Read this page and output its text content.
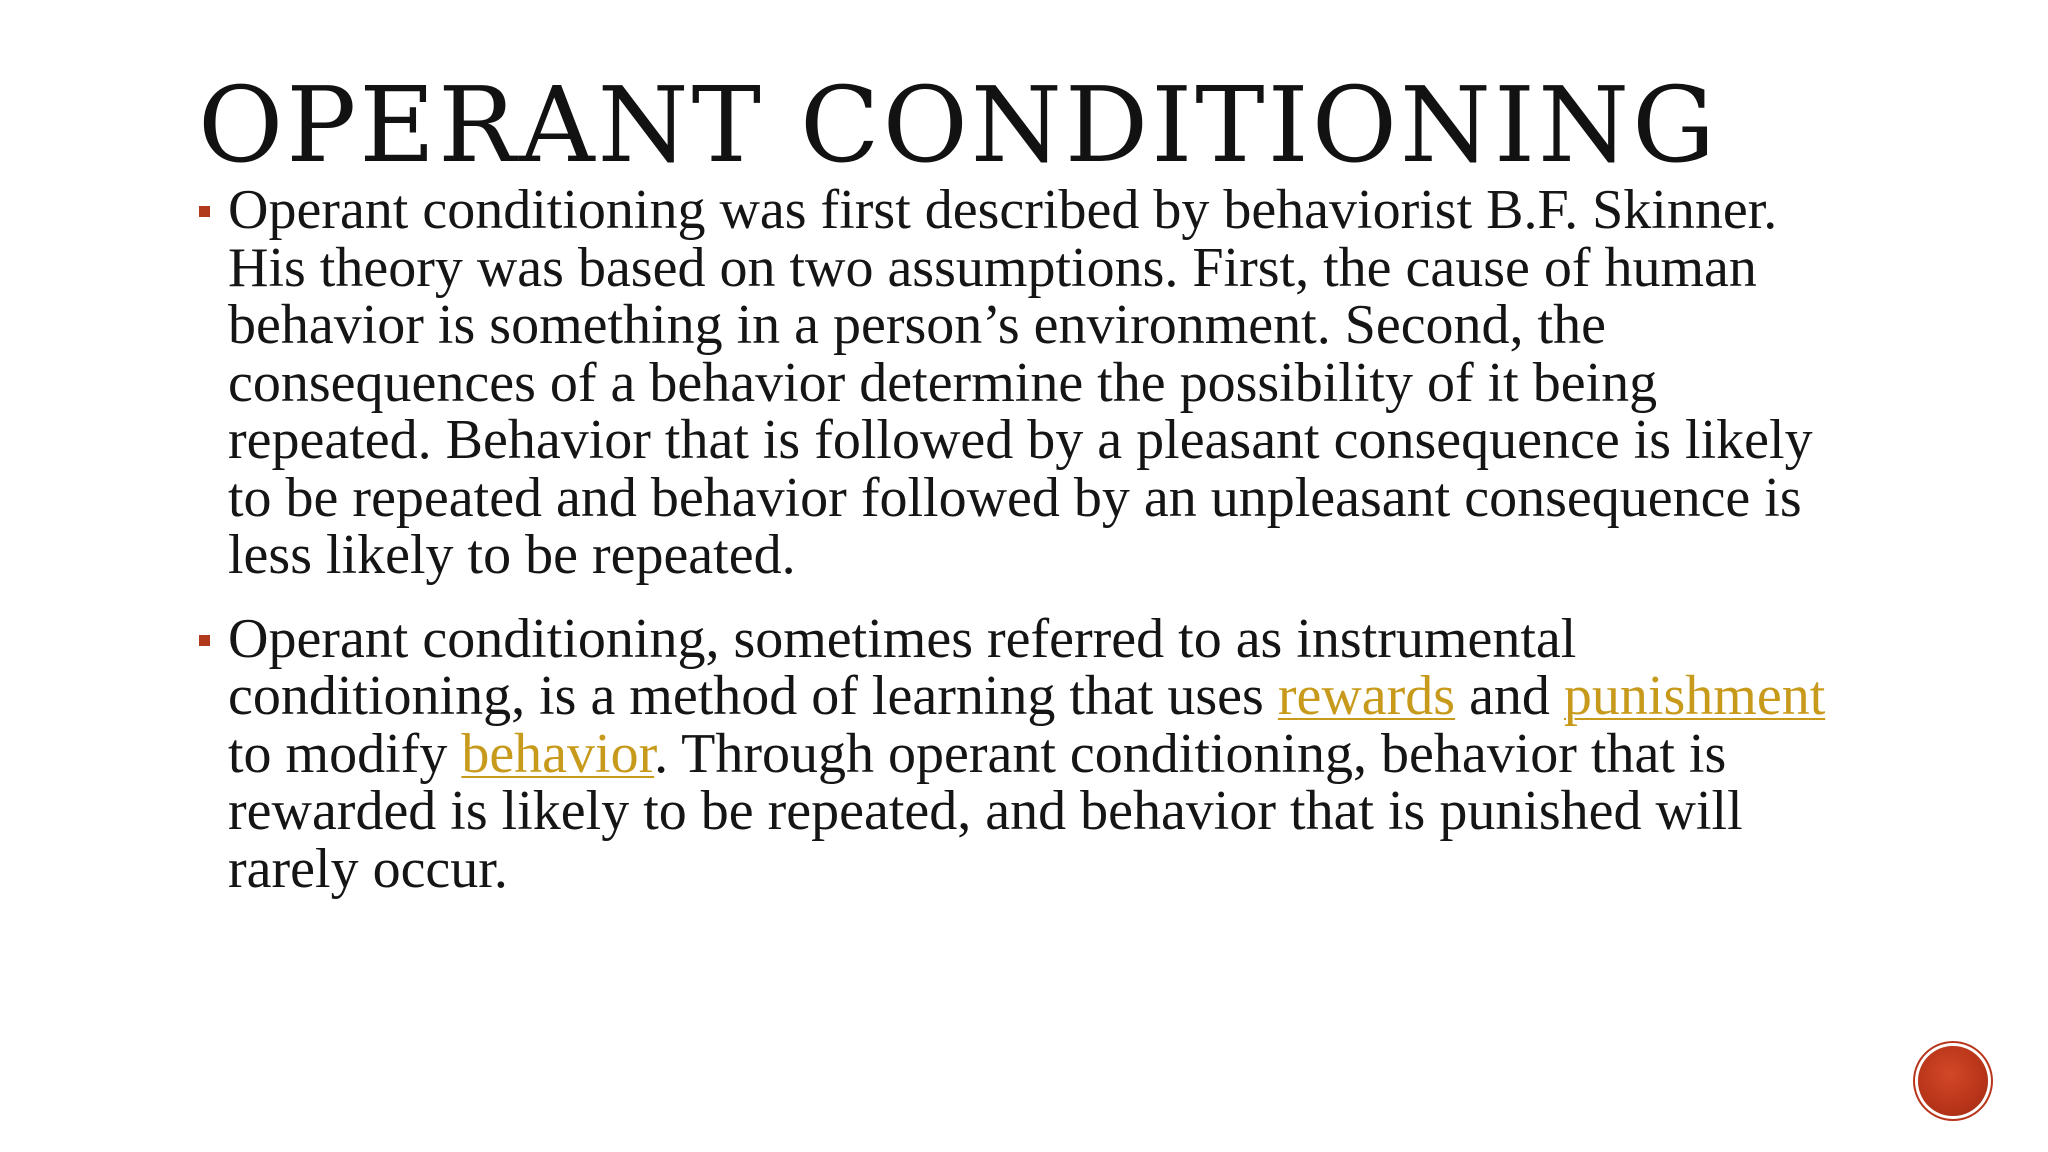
OPERANT CONDITIONING
Operant conditioning was first described by behaviorist B.F. Skinner. His theory was based on two assumptions. First, the cause of human behavior is something in a person’s environment. Second, the consequences of a behavior determine the possibility of it being repeated. Behavior that is followed by a pleasant consequence is likely to be repeated and behavior followed by an unpleasant consequence is less likely to be repeated.
Operant conditioning, sometimes referred to as instrumental conditioning, is a method of learning that uses rewards and punishment to modify behavior. Through operant conditioning, behavior that is rewarded is likely to be repeated, and behavior that is punished will rarely occur.
